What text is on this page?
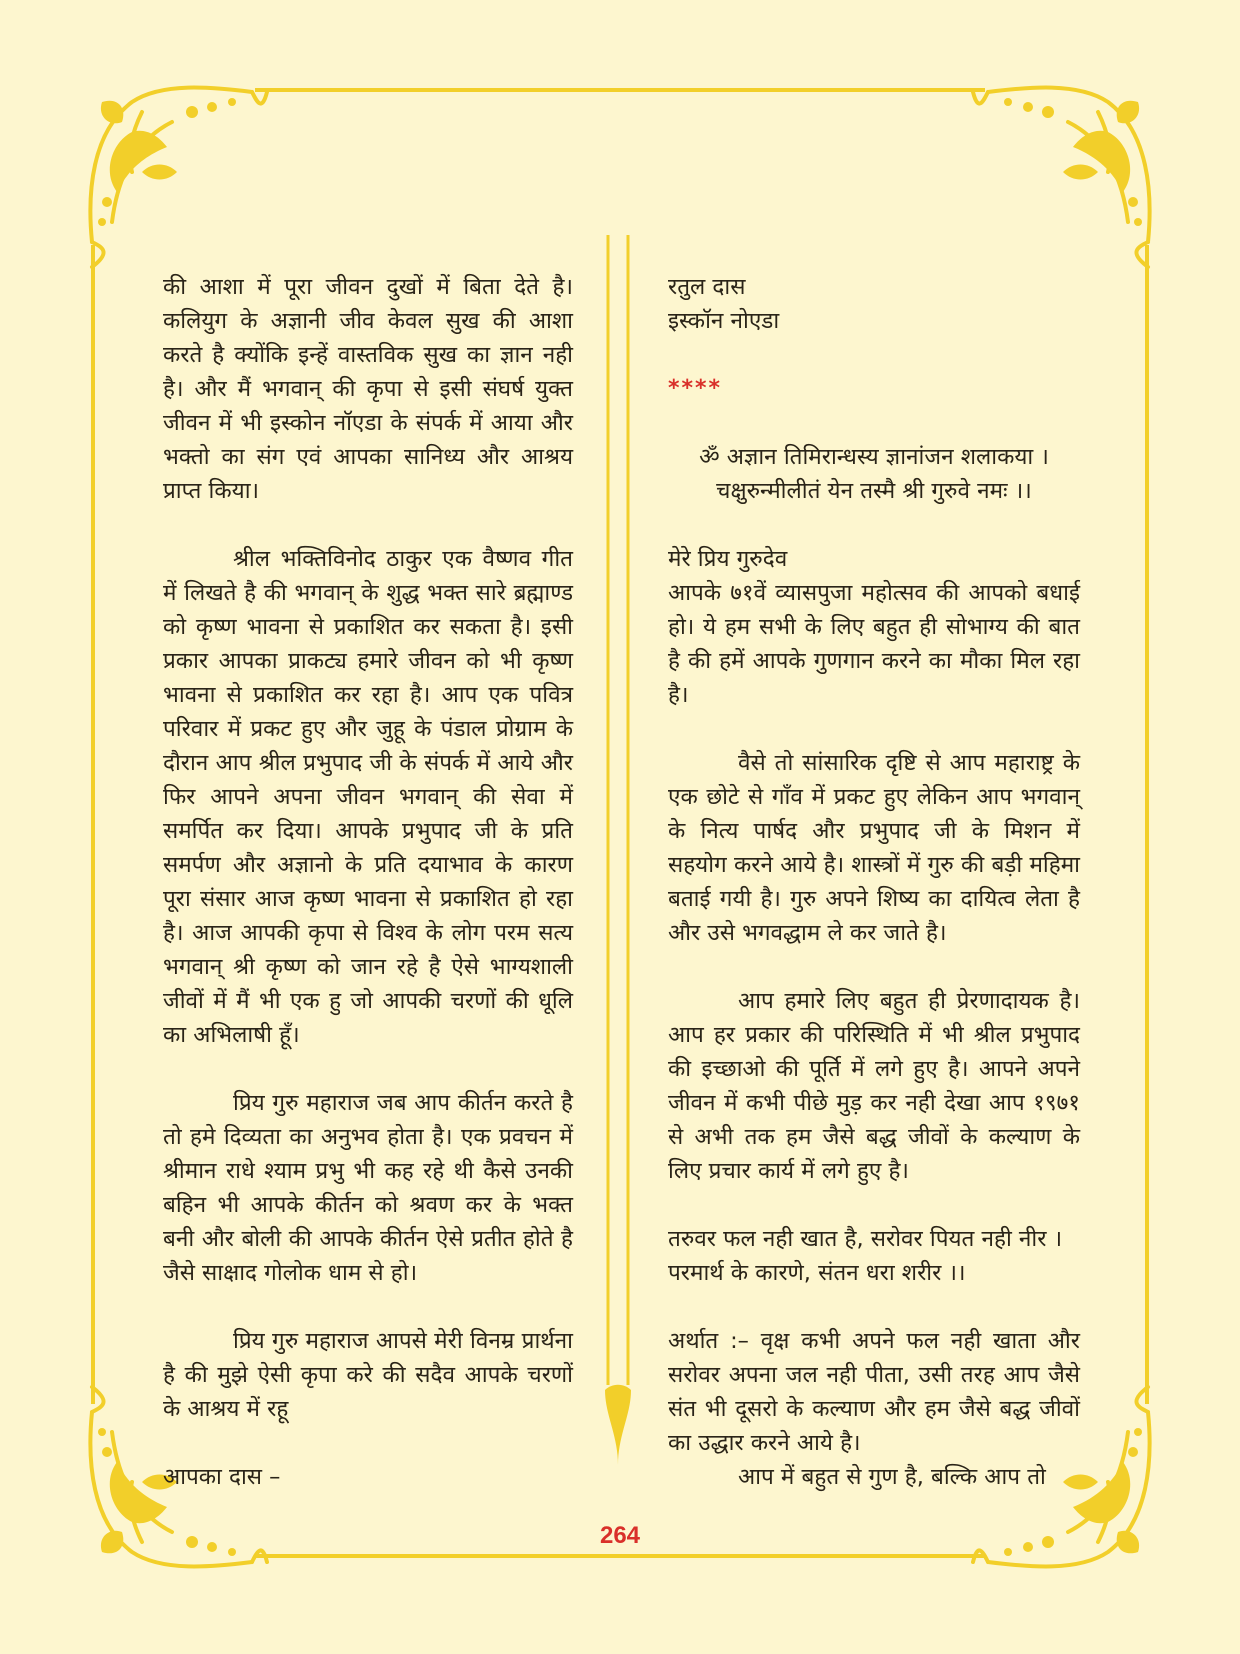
की आशा में पूरा जीवन दुखों में बिता देते है। कलियुग के अज्ञानी जीव केवल सुख की आशा करते है क्योंकि इन्हें वास्तविक सुख का ज्ञान नही है। और मैं भगवान् की कृपा से इसी संघर्ष युक्त जीवन में भी इस्कोन नॉएडा के संपर्क में आया और भक्तो का संग एवं आपका सानिध्य और आश्रय प्राप्त किया।

श्रील भक्तिविनोद ठाकुर एक वैष्णव गीत में लिखते है की भगवान् के शुद्ध भक्त सारे ब्रह्माण्ड को कृष्ण भावना से प्रकाशित कर सकता है। इसी प्रकार आपका प्राकट्य हमारे जीवन को भी कृष्ण भावना से प्रकाशित कर रहा है। आप एक पवित्र परिवार में प्रकट हुए और जुहू के पंडाल प्रोग्राम के दौरान आप श्रील प्रभुपाद जी के संपर्क में आये और फिर आपने अपना जीवन भगवान् की सेवा में समर्पित कर दिया। आपके प्रभुपाद जी के प्रति समर्पण और अज्ञानो के प्रति दयाभाव के कारण पूरा संसार आज कृष्ण भावना से प्रकाशित हो रहा है। आज आपकी कृपा से विश्व के लोग परम सत्य भगवान् श्री कृष्ण को जान रहे है ऐसे भाग्यशाली जीवों में मैं भी एक हु जो आपकी चरणों की धूलि का अभिलाषी हूँ।

प्रिय गुरु महाराज जब आप कीर्तन करते है तो हमे दिव्यता का अनुभव होता है। एक प्रवचन में श्रीमान राधे श्याम प्रभु भी कह रहे थी कैसे उनकी बहिन भी आपके कीर्तन को श्रवण कर के भक्त बनी और बोली की आपके कीर्तन ऐसे प्रतीत होते है जैसे साक्षाद गोलोक धाम से हो।

प्रिय गुरु महाराज आपसे मेरी विनम्र प्रार्थना है की मुझे ऐसी कृपा करे की सदैव आपके चरणों के आश्रय में रहू

आपका दास –

रतुल दास

इस्कॉन नोएडा

****

ॐ अज्ञान तिमिरान्धस्य ज्ञानांजन शलाकया ।

चक्षुरुन्मीलीतं येन तस्मै श्री गुरुवे नमः ।।

मेरे प्रिय गुरुदेव

आपके ७१वें व्यासपुजा महोत्सव की आपको बधाई हो। ये हम सभी के लिए बहुत ही सोभाग्य की बात है की हमें आपके गुणगान करने का मौका मिल रहा है।

वैसे तो सांसारिक दृष्टि से आप महाराष्ट्र के एक छोटे से गाँव में प्रकट हुए लेकिन आप भगवान् के नित्य पार्षद और प्रभुपाद जी के मिशन में सहयोग करने आये है। शास्त्रों में गुरु की बड़ी महिमा बताई गयी है। गुरु अपने शिष्य का दायित्व लेता है और उसे भगवद्धाम ले कर जाते है।

आप हमारे लिए बहुत ही प्रेरणादायक है। आप हर प्रकार की परिस्थिति में भी श्रील प्रभुपाद की इच्छाओ की पूर्ति में लगे हुए है। आपने अपने जीवन में कभी पीछे मुड़ कर नही देखा आप १९७१ से अभी तक हम जैसे बद्ध जीवों के कल्याण के लिए प्रचार कार्य में लगे हुए है।

तरुवर फल नही खात है, सरोवर पियत नही नीर ।

परमार्थ के कारणे, संतन धरा शरीर ।।

अर्थात :– वृक्ष कभी अपने फल नही खाता और सरोवर अपना जल नही पीता, उसी तरह आप जैसे संत भी दूसरो के कल्याण और हम जैसे बद्ध जीवों का उद्धार करने आये है।

आप में बहुत से गुण है, बल्कि आप तो

264
